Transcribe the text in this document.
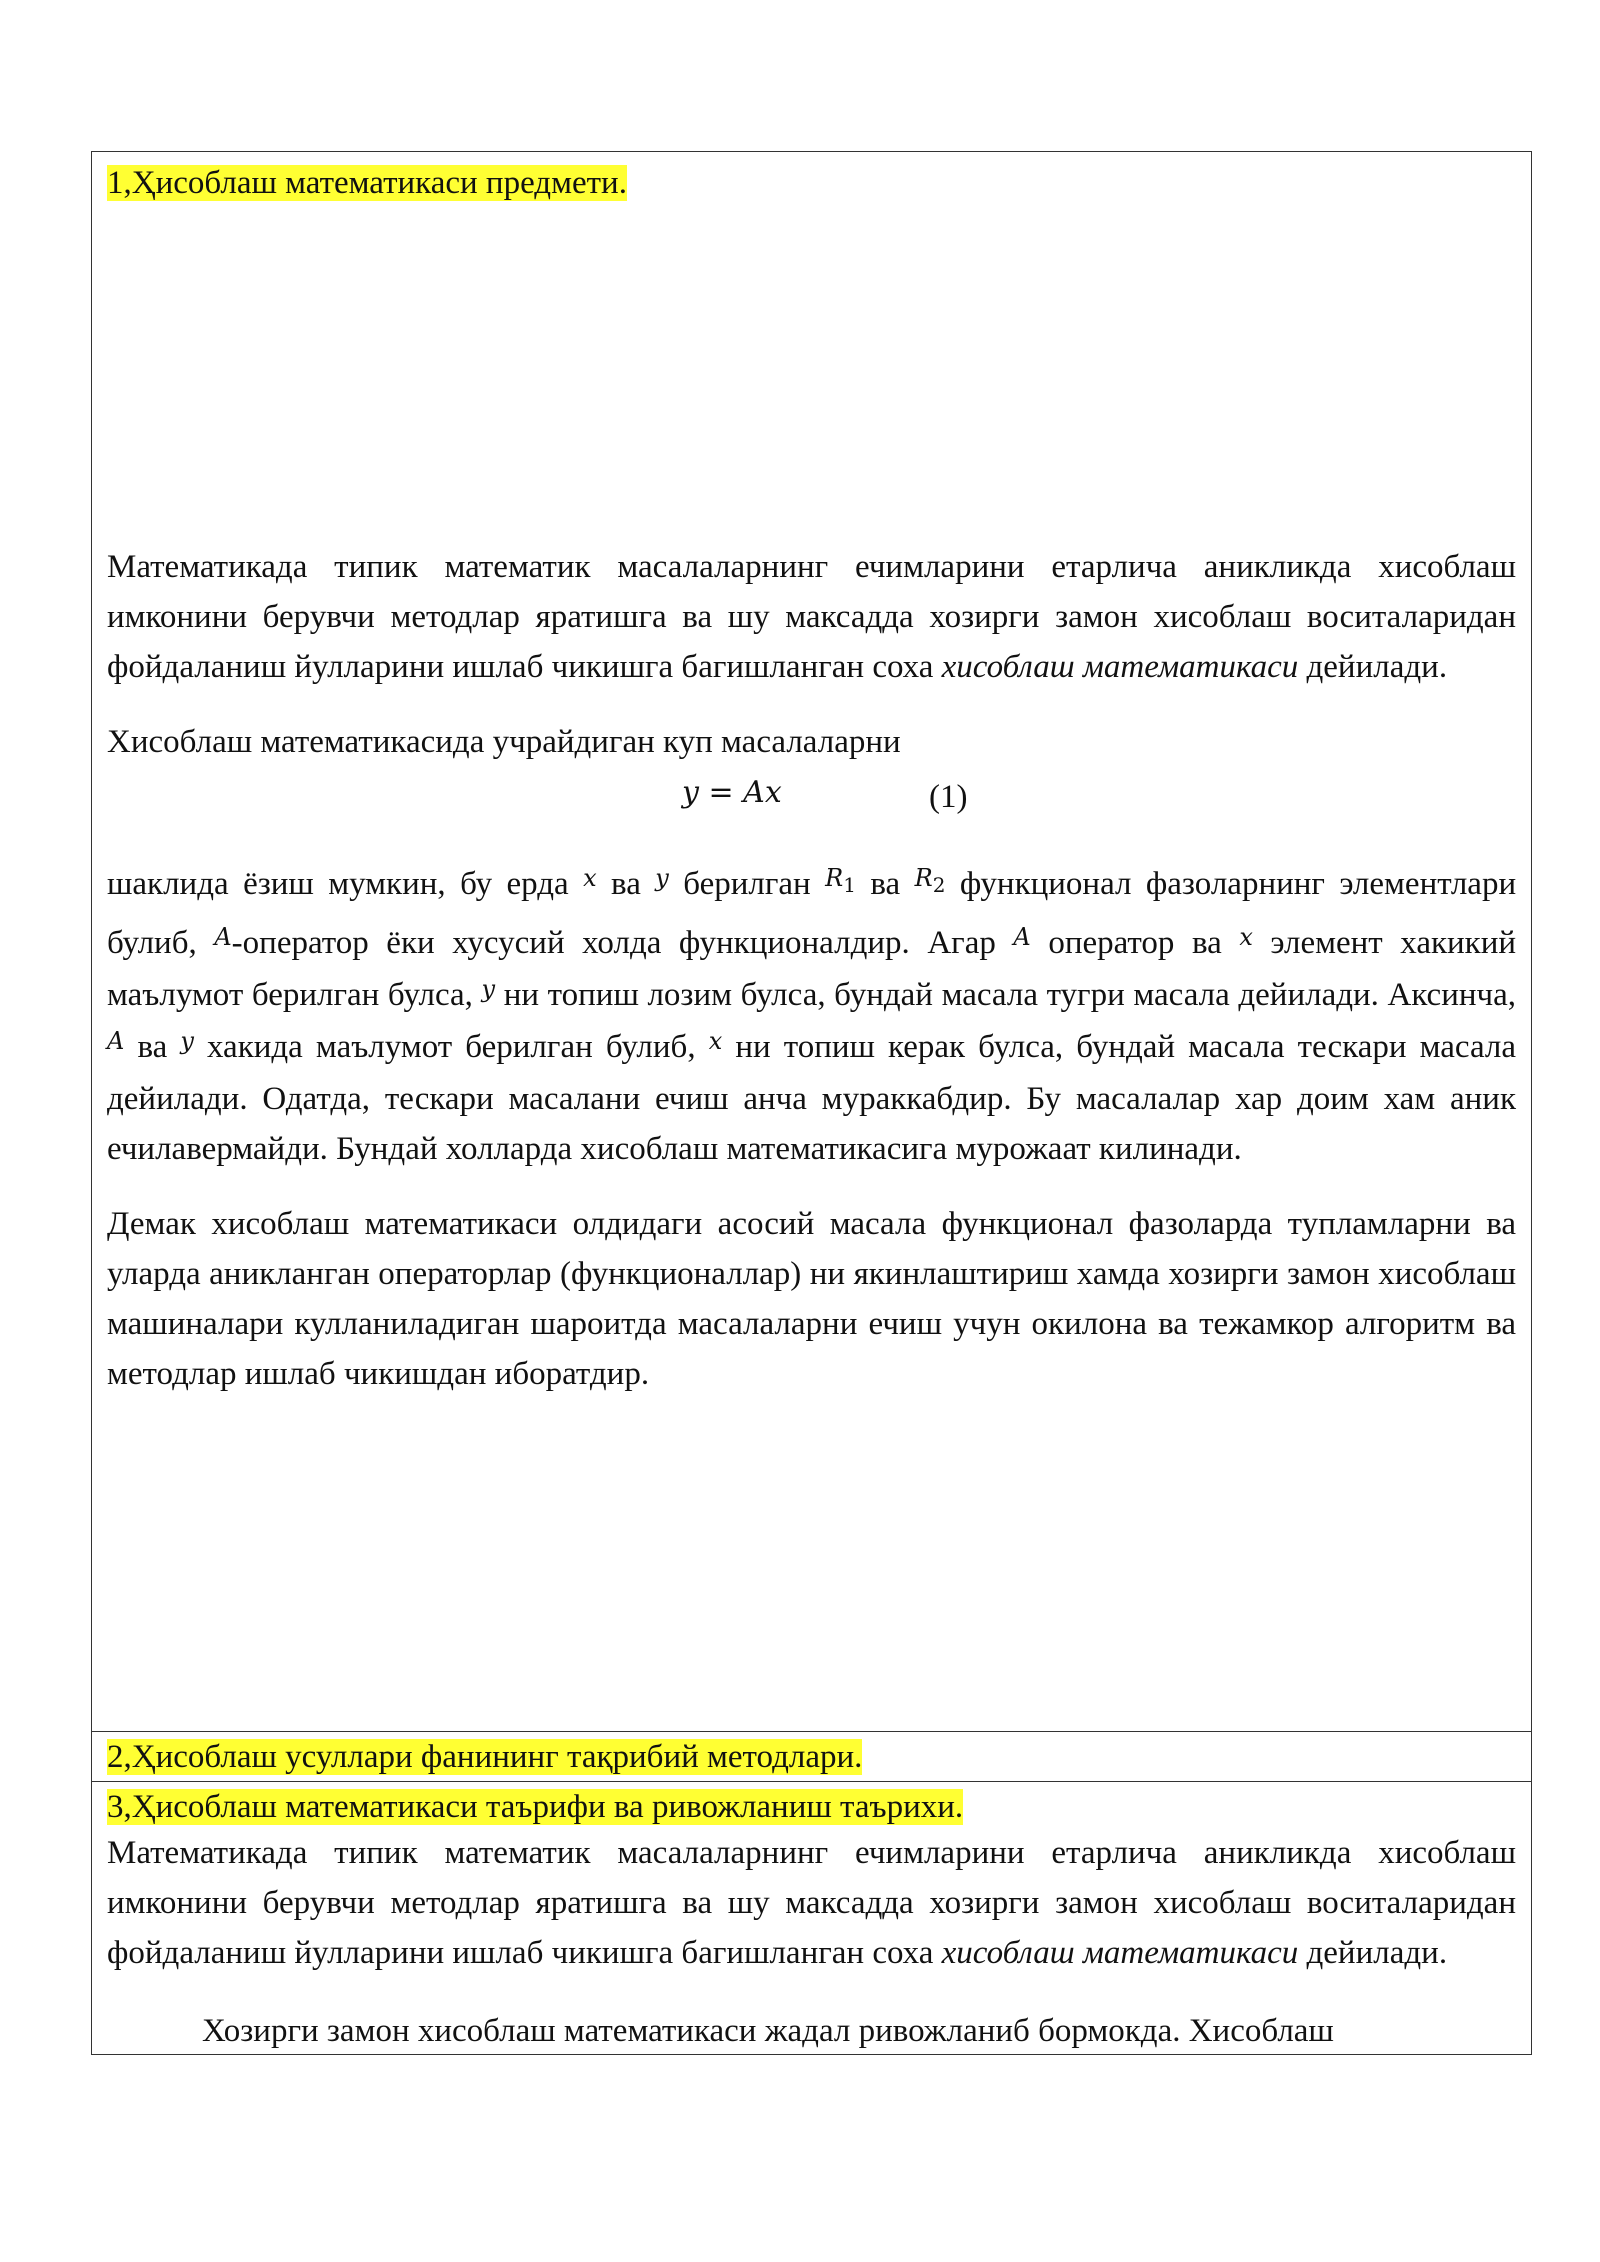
1,Ҳисоблаш математикаси предмети.

Математикада типик математик масалаларнинг ечимларини етарлича аникликда хисоблаш имконини берувчи методлар яратишга ва шу максадда хозирги замон хисоблаш воситаларидан фойдаланиш йулларини ишлаб чикишга багишланган соха хисоблаш математикаси дейилади.

Хисоблаш математикасида учрайдиган куп масалаларни

y = Ax	(1)

шаклида ёзиш мумкин, бу ерда $^x$ ва $^y$ берилган $^{R_1}$ ва $^{R_2}$ функционал фазоларнинг элементлари булиб, $^A$-оператор ёки хусусий холда функционалдир. Агар $^A$ оператор ва $^x$ элемент хакикий маълумот берилган булса, $^y$ ни топиш лозим булса, бундай масала тугри масала дейилади. Аксинча, $^A$ ва $^y$ хакида маълумот берилган булиб, $^x$ ни топиш керак булса, бундай масала тескари масала дейилади. Одатда, тескари масалани ечиш анча мураккабдир. Бу масалалар хар доим хам аник ечилавермайди. Бундай холларда хисоблаш математикасига мурожаат килинади.

Демак хисоблаш математикаси олдидаги асосий масала функционал фазоларда тупламларни ва уларда аникланган операторлар (функционаллар) ни якинлаштириш хамда хозирги замон хисоблаш машиналари кулланиладиган шароитда масалаларни ечиш учун окилона ва тежамкор алгоритм ва методлар ишлаб чикишдан иборатдир.

2,Ҳисоблаш усуллари фанининг тақрибий методлари.
3,Ҳисоблаш математикаси таърифи ва ривожланиш таърихи.

Математикада типик математик масалаларнинг ечимларини етарлича аникликда хисоблаш имконини берувчи методлар яратишга ва шу максадда хозирги замон хисоблаш воситаларидан фойдаланиш йулларини ишлаб чикишга багишланган соха хисоблаш математикаси дейилади.

Хозирги замон хисоблаш математикаси жадал ривожланиб бормокда. Хисоблаш
